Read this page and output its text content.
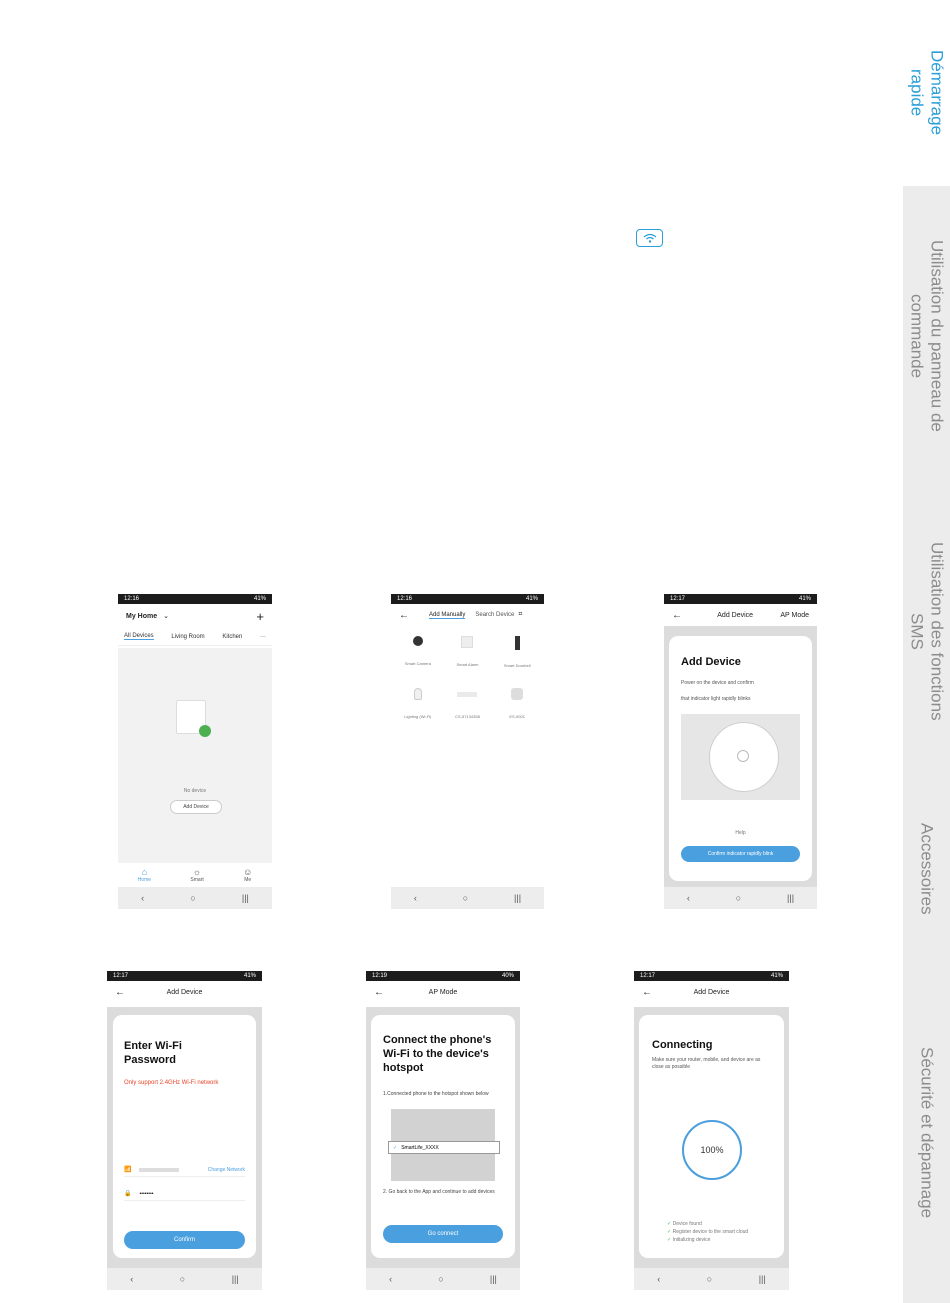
Démarrage
rapide
Utilisation du panneau de
commande
Utilisation des fonctions
SMS
Accessoires
Sécurité et dépannage
12:16	41%
My Home ⌄	+
All Devices	Living Room	Kitchen	···
No device
Add Device
⌂
Home
☼
Smart
☺
Me
‹	○	|||
12:16	41%
←	Add Manually Search Device ⌗
Smart Camera	Smart Alarm	Smart Doorbell
Lighting (Wi-Fi)	CS-57134358	ES-0001
‹	○	|||
12:17	41%
←	Add Device	AP Mode
Add Device
Power on the device and confirm
that indicator light rapidly blinks
Help
Confirm indicator rapidly blink
‹	○	|||
12:17	41%
←	Add Device
Enter Wi-Fi Password
Only support 2.4GHz Wi-Fi network
📶	Change Network
🔒 ••••••••
Confirm
‹	○	|||
12:19	40%
←	AP Mode
Connect the phone's Wi-Fi to the device's hotspot
1.Connected phone to the hotspot shown below
✓ SmartLife_XXXX
2. Go back to the App and continue to add devices
Go connect
‹	○	|||
12:17	41%
←	Add Device
Connecting
Make sure your router, mobile, and device are as close as possible
100%
✓ Device found
✓ Register device to the smart cloud
✓ Initializing device
‹	○	|||
